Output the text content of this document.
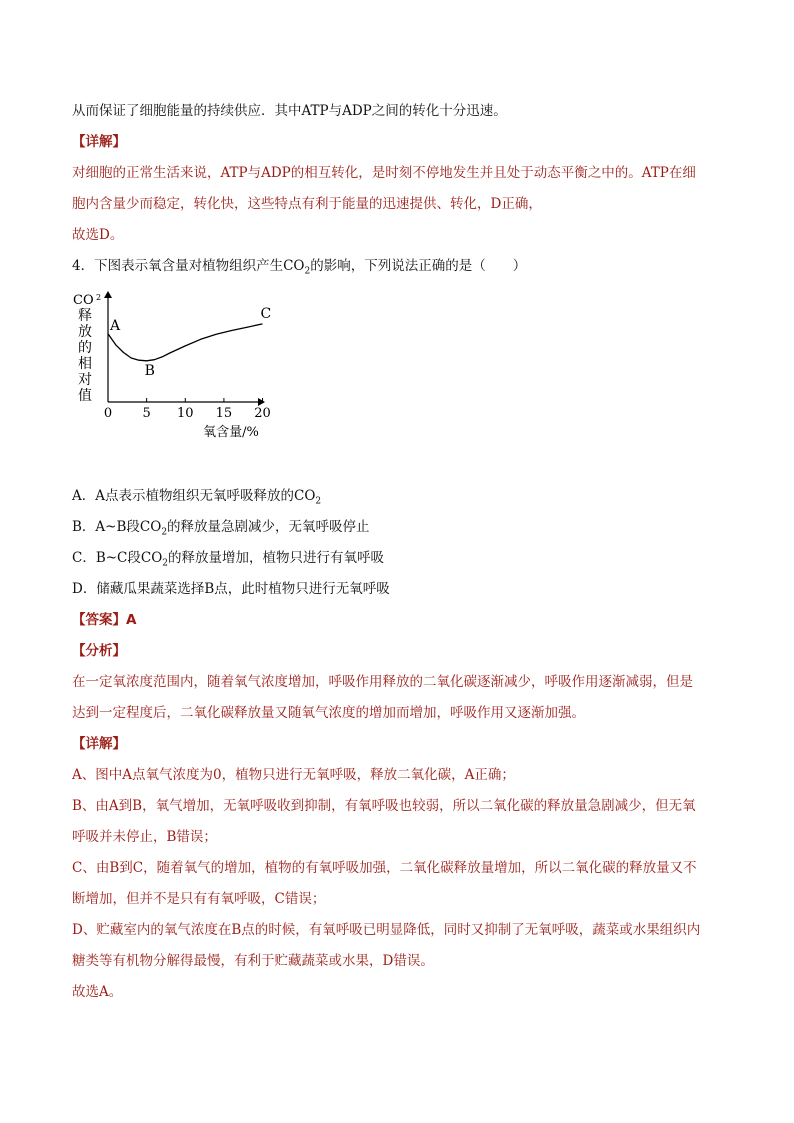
从而保证了细胞能量的持续供应．其中ATP与ADP之间的转化十分迅速。
【详解】
对细胞的正常生活来说，ATP与ADP的相互转化，是时刻不停地发生并且处于动态平衡之中的。ATP在细
胞内含量少而稳定，转化快，这些特点有利于能量的迅速提供、转化，D正确，
故选D。
4．下图表示氧含量对植物组织产生$CO_2$的影响，下列说法正确的是（　　）
0 5 10 15 20
氧含量/%
CO 2
释
放
的
相
对
值
A
B
C
A．A点表示植物组织无氧呼吸释放的$CO_2$
B．A~B段$CO_2$的释放量急剧减少，无氧呼吸停止
C．B~C段$CO_2$的释放量增加，植物只进行有氧呼吸
D．储藏瓜果蔬菜选择B点，此时植物只进行无氧呼吸
【答案】A
【分析】
在一定氧浓度范围内，随着氧气浓度增加，呼吸作用释放的二氧化碳逐渐减少，呼吸作用逐渐减弱，但是
达到一定程度后，二氧化碳释放量又随氧气浓度的增加而增加，呼吸作用又逐渐加强。
【详解】
A、图中A点氧气浓度为0，植物只进行无氧呼吸，释放二氧化碳，A正确；
B、由A到B，氧气增加，无氧呼吸收到抑制，有氧呼吸也较弱，所以二氧化碳的释放量急剧减少，但无氧
呼吸并未停止，B错误；
C、由B到C，随着氧气的增加，植物的有氧呼吸加强，二氧化碳释放量增加，所以二氧化碳的释放量又不
断增加，但并不是只有有氧呼吸，C错误；
D、贮藏室内的氧气浓度在B点的时候，有氧呼吸已明显降低，同时又抑制了无氧呼吸，蔬菜或水果组织内
糖类等有机物分解得最慢，有利于贮藏蔬菜或水果，D错误。
故选A。
